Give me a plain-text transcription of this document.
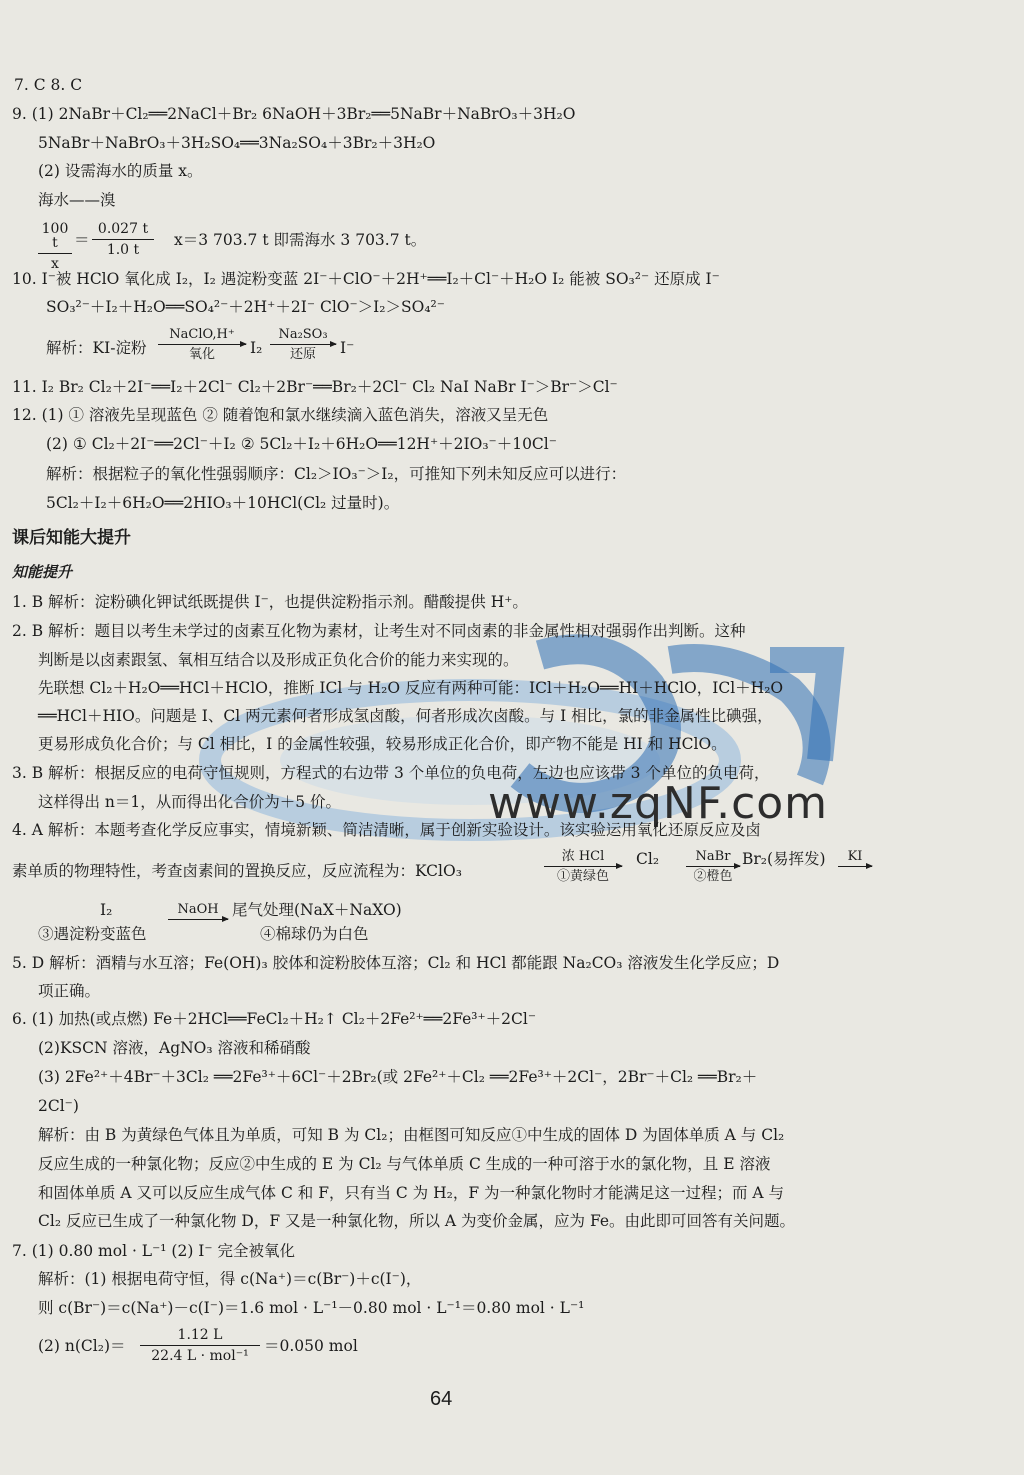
www.zqNF.com
7. C 8. C
9. (1) 2NaBr＋Cl₂══2NaCl＋Br₂ 6NaOH＋3Br₂══5NaBr＋NaBrO₃＋3H₂O
5NaBr＋NaBrO₃＋3H₂SO₄══3Na₂SO₄＋3Br₂＋3H₂O
(2) 设需海水的质量 x。
海水——溴
100 t
x
＝
0.027 t
1.0 t
x＝3 703.7 t 即需海水 3 703.7 t。
10. I⁻被 HClO 氧化成 I₂，I₂ 遇淀粉变蓝 2I⁻＋ClO⁻＋2H⁺══I₂＋Cl⁻＋H₂O I₂ 能被 SO₃²⁻ 还原成 I⁻
SO₃²⁻＋I₂＋H₂O══SO₄²⁻＋2H⁺＋2I⁻ ClO⁻＞I₂＞SO₄²⁻
解析：KI-淀粉
NaClO,H⁺
氧化	I₂
Na₂SO₃
还原	I⁻
11. I₂ Br₂ Cl₂＋2I⁻══I₂＋2Cl⁻ Cl₂＋2Br⁻══Br₂＋2Cl⁻ Cl₂ NaI NaBr I⁻＞Br⁻＞Cl⁻
12. (1) ① 溶液先呈现蓝色 ② 随着饱和氯水继续滴入蓝色消失，溶液又呈无色
(2) ① Cl₂＋2I⁻══2Cl⁻＋I₂ ② 5Cl₂＋I₂＋6H₂O══12H⁺＋2IO₃⁻＋10Cl⁻
解析：根据粒子的氧化性强弱顺序：Cl₂＞IO₃⁻＞I₂，可推知下列未知反应可以进行：
5Cl₂＋I₂＋6H₂O══2HIO₃＋10HCl(Cl₂ 过量时)。
课后知能大提升
知能提升
1. B 解析：淀粉碘化钾试纸既提供 I⁻，也提供淀粉指示剂。醋酸提供 H⁺。
2. B 解析：题目以考生未学过的卤素互化物为素材，让考生对不同卤素的非金属性相对强弱作出判断。这种
判断是以卤素跟氢、氧相互结合以及形成正负化合价的能力来实现的。
先联想 Cl₂＋H₂O══HCl＋HClO，推断 ICl 与 H₂O 反应有两种可能：ICl＋H₂O══HI＋HClO，ICl＋H₂O
══HCl＋HIO。问题是 I、Cl 两元素何者形成氢卤酸，何者形成次卤酸。与 I 相比，氯的非金属性比碘强，
更易形成负化合价；与 Cl 相比，I 的金属性较强，较易形成正化合价，即产物不能是 HI 和 HClO。
3. B 解析：根据反应的电荷守恒规则，方程式的右边带 3 个单位的负电荷，左边也应该带 3 个单位的负电荷，
这样得出 n＝1，从而得出化合价为＋5 价。
4. A 解析：本题考查化学反应事实，情境新颖、简洁清晰，属于创新实验设计。该实验运用氧化还原反应及卤
素单质的物理特性，考查卤素间的置换反应，反应流程为：KClO₃
浓 HCl
①黄绿色
Cl₂	NaBr
②橙色
Br₂(易挥发)	KI
I₂
③遇淀粉变蓝色
NaOH 尾气处理(NaX＋NaXO)
④棉球仍为白色
5. D 解析：酒精与水互溶；Fe(OH)₃ 胶体和淀粉胶体互溶；Cl₂ 和 HCl 都能跟 Na₂CO₃ 溶液发生化学反应；D
项正确。
6. (1) 加热(或点燃) Fe＋2HCl══FeCl₂＋H₂↑ Cl₂＋2Fe²⁺══2Fe³⁺＋2Cl⁻
(2)KSCN 溶液，AgNO₃ 溶液和稀硝酸
(3) 2Fe²⁺＋4Br⁻＋3Cl₂ ══2Fe³⁺＋6Cl⁻＋2Br₂(或 2Fe²⁺＋Cl₂ ══2Fe³⁺＋2Cl⁻，2Br⁻＋Cl₂ ══Br₂＋
2Cl⁻)
解析：由 B 为黄绿色气体且为单质，可知 B 为 Cl₂；由框图可知反应①中生成的固体 D 为固体单质 A 与 Cl₂
反应生成的一种氯化物；反应②中生成的 E 为 Cl₂ 与气体单质 C 生成的一种可溶于水的氯化物，且 E 溶液
和固体单质 A 又可以反应生成气体 C 和 F，只有当 C 为 H₂，F 为一种氯化物时才能满足这一过程；而 A 与
Cl₂ 反应已生成了一种氯化物 D，F 又是一种氯化物，所以 A 为变价金属，应为 Fe。由此即可回答有关问题。
7. (1) 0.80 mol · L⁻¹ (2) I⁻ 完全被氧化
解析：(1) 根据电荷守恒，得 c(Na⁺)＝c(Br⁻)＋c(I⁻)，
则 c(Br⁻)＝c(Na⁺)－c(I⁻)＝1.6 mol · L⁻¹－0.80 mol · L⁻¹＝0.80 mol · L⁻¹
(2) n(Cl₂)＝
1.12 L
22.4 L · mol⁻¹
＝0.050 mol
64
